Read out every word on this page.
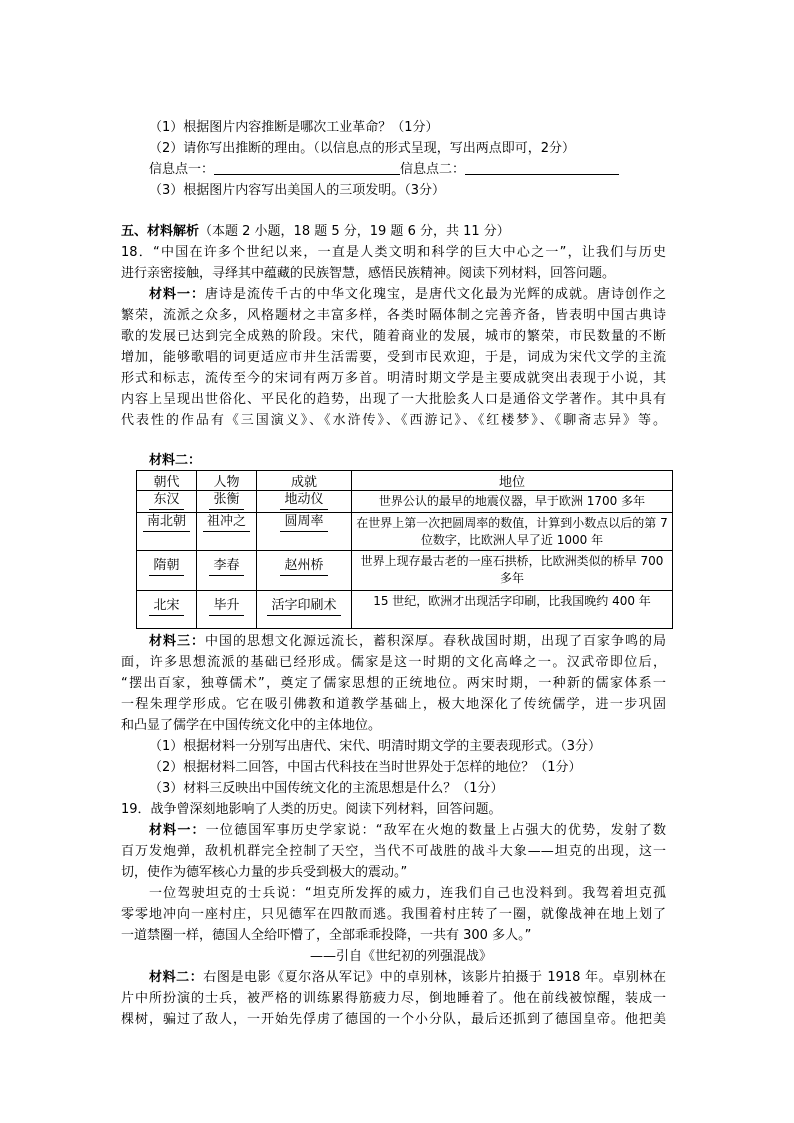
（1）根据图片内容推断是哪次工业革命？（1分）
（2）请你写出推断的理由。（以信息点的形式呈现，写出两点即可，2分）
信息点一：	信息点二：
（3）根据图片内容写出美国人的三项发明。（3分）
五、材料解析（本题 2 小题，18 题 5 分，19 题 6 分，共 11 分）
18．“中国在许多个世纪以来，一直是人类文明和科学的巨大中心之一”，让我们与历史
进行亲密接触，寻绎其中蕴藏的民族智慧，感悟民族精神。阅读下列材料，回答问题。
材料一：唐诗是流传千古的中华文化瑰宝，是唐代文化最为光辉的成就。唐诗创作之
繁荣，流派之众多，风格题材之丰富多样，各类时隔体制之完善齐备，皆表明中国古典诗
歌的发展已达到完全成熟的阶段。宋代，随着商业的发展，城市的繁荣，市民数量的不断
增加，能够歌唱的词更适应市井生活需要，受到市民欢迎，于是，词成为宋代文学的主流
形式和标志，流传至今的宋词有两万多首。明清时期文学是主要成就突出表现于小说，其
内容上呈现出世俗化、平民化的趋势，出现了一大批脍炙人口是通俗文学著作。其中具有
代表性的作品有《三国演义》、《水浒传》、《西游记》、《红楼梦》、《聊斋志异》等。
材料二：
朝代	人物	成就	地位
东汉	张衡	地动仪	世界公认的最早的地震仪器，早于欧洲 1700 多年

南北朝	祖冲之	圆周率	在世界上第一次把圆周率的数值，计算到小数点以后的第 7 位数字，比欧洲人早了近 1000 年

隋朝	李春	赵州桥	世界上现存最古老的一座石拱桥，比欧洲类似的桥早 700 多年

北宋	毕升	活字印刷术	15 世纪，欧洲才出现活字印刷，比我国晚约 400 年
材料三：中国的思想文化源远流长，蓄积深厚。春秋战国时期，出现了百家争鸣的局
面，许多思想流派的基础已经形成。儒家是这一时期的文化高峰之一。汉武帝即位后，
“摆出百家，独尊儒术”，奠定了儒家思想的正统地位。两宋时期，一种新的儒家体系一
一程朱理学形成。它在吸引佛教和道教学基础上，极大地深化了传统儒学，进一步巩固
和凸显了儒学在中国传统文化中的主体地位。
（1）根据材料一分别写出唐代、宋代、明清时期文学的主要表现形式。（3分）
（2）根据材料二回答，中国古代科技在当时世界处于怎样的地位？（1分）
（3）材料三反映出中国传统文化的主流思想是什么？（1分）
19．战争曾深刻地影响了人类的历史。阅读下列材料，回答问题。
材料一：一位德国军事历史学家说：“敌军在火炮的数量上占强大的优势，发射了数
百万发炮弹，敌机机群完全控制了天空，当代不可战胜的战斗大象——坦克的出现，这一
切，使作为德军核心力量的步兵受到极大的震动。”
一位驾驶坦克的士兵说：“坦克所发挥的威力，连我们自己也没料到。我驾着坦克孤
零零地冲向一座村庄，只见德军在四散而逃。我围着村庄转了一圈，就像战神在地上划了
一道禁圈一样，德国人全给吓懵了，全部乖乖投降，一共有 300 多人。”
——引自《世纪初的列强混战》
材料二：右图是电影《夏尔洛从军记》中的卓别林，该影片拍摄于 1918 年。卓别林在
片中所扮演的士兵，被严格的训练累得筋疲力尽，倒地睡着了。他在前线被惊醒，装成一
棵树，骗过了敌人，一开始先俘虏了德国的一个小分队，最后还抓到了德国皇帝。他把美
